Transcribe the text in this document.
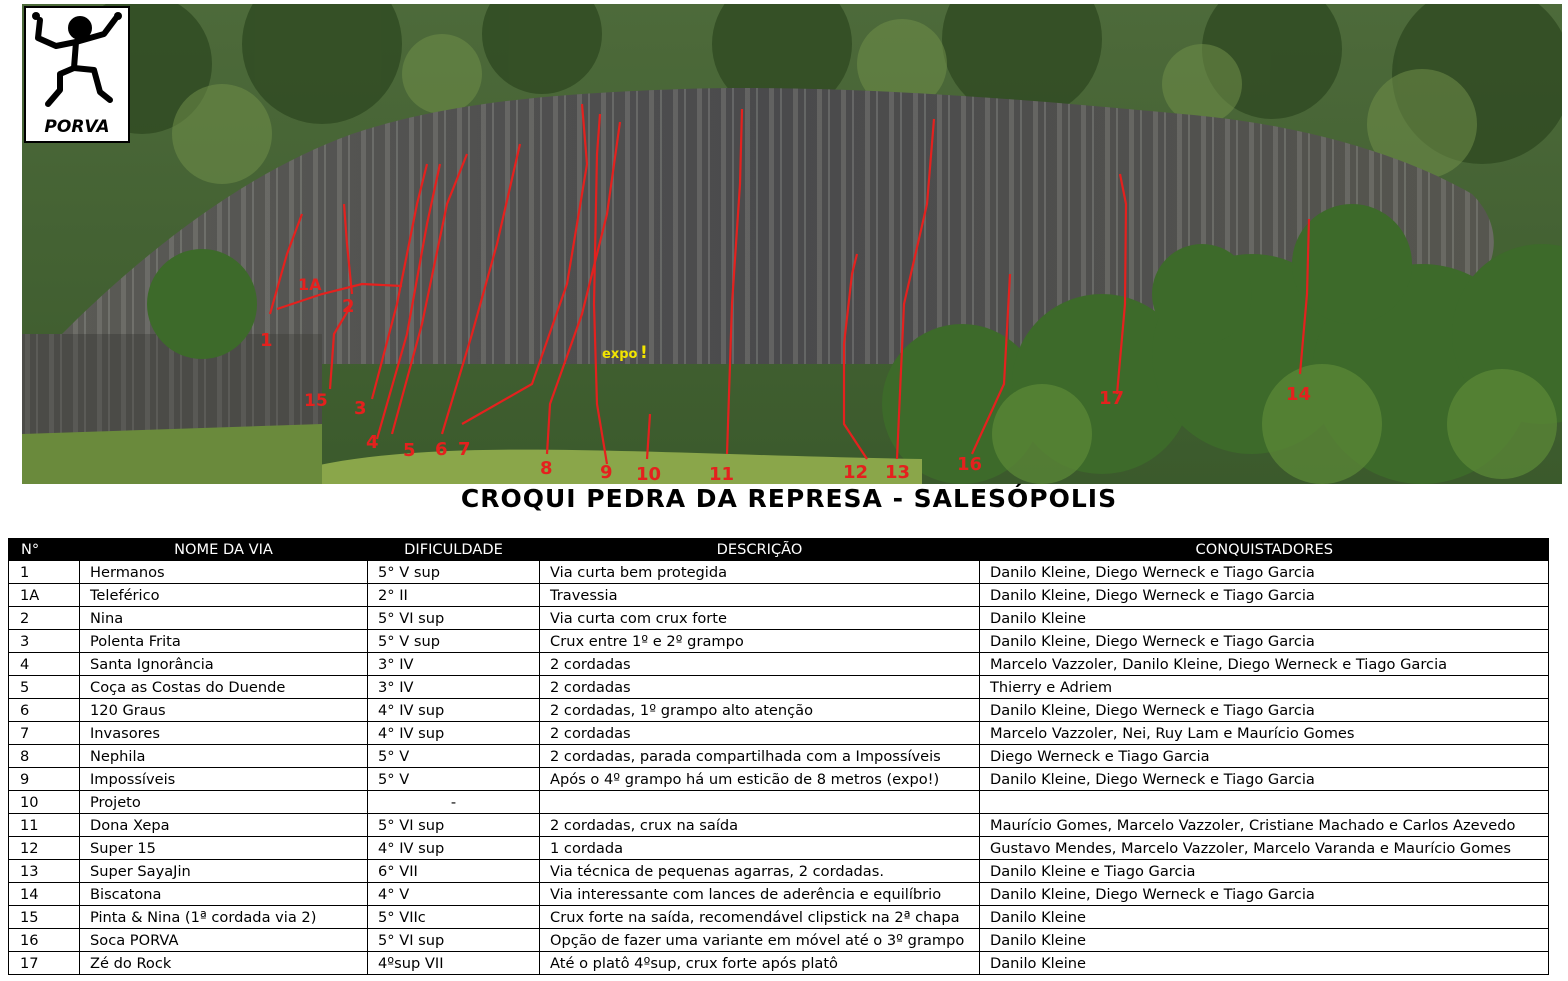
1
1A
2
15 3
4 5 6 7
8	9 10	11	12 13	16
17	14
expo !
PORVA
CROQUI PEDRA DA REPRESA - SALESÓPOLIS
N°	NOME DA VIA	DIFICULDADE	DESCRIÇÃO	CONQUISTADORES
1	Hermanos	5° V sup	Via curta bem protegida	Danilo Kleine, Diego Werneck e Tiago Garcia
1A	Teleférico	2° II	Travessia	Danilo Kleine, Diego Werneck e Tiago Garcia
2	Nina	5° VI sup	Via curta com crux forte	Danilo Kleine
3	Polenta Frita	5° V sup	Crux entre 1º e 2º grampo	Danilo Kleine, Diego Werneck e Tiago Garcia
4	Santa Ignorância	3° IV	2 cordadas	Marcelo Vazzoler, Danilo Kleine, Diego Werneck e Tiago Garcia
5	Coça as Costas do Duende	3° IV	2 cordadas	Thierry e Adriem
6	120 Graus	4° IV sup	2 cordadas, 1º grampo alto atenção	Danilo Kleine, Diego Werneck e Tiago Garcia
7	Invasores	4° IV sup	2 cordadas	Marcelo Vazzoler, Nei, Ruy Lam e Maurício Gomes
8	Nephila	5° V	2 cordadas, parada compartilhada com a Impossíveis	Diego Werneck e Tiago Garcia
9	Impossíveis	5° V	Após o 4º grampo há um esticão de 8 metros (expo!)	Danilo Kleine, Diego Werneck e Tiago Garcia
10	Projeto	-		
11	Dona Xepa	5° VI sup	2 cordadas, crux na saída	Maurício Gomes, Marcelo Vazzoler, Cristiane Machado e Carlos Azevedo
12	Super 15	4° IV sup	1 cordada	Gustavo Mendes, Marcelo Vazzoler, Marcelo Varanda e Maurício Gomes
13	Super SayaJin	6° VII	Via técnica de pequenas agarras, 2 cordadas.	Danilo Kleine e Tiago Garcia
14	Biscatona	4° V	Via interessante com lances de aderência e equilíbrio	Danilo Kleine, Diego Werneck e Tiago Garcia
15	Pinta & Nina (1ª cordada via 2)	5° VIIc	Crux forte na saída, recomendável clipstick na 2ª chapa	Danilo Kleine
16	Soca PORVA	5° VI sup	Opção de fazer uma variante em móvel até o 3º grampo	Danilo Kleine
17	Zé do Rock	4ºsup VII	Até o platô 4ºsup, crux forte após platô	Danilo Kleine
